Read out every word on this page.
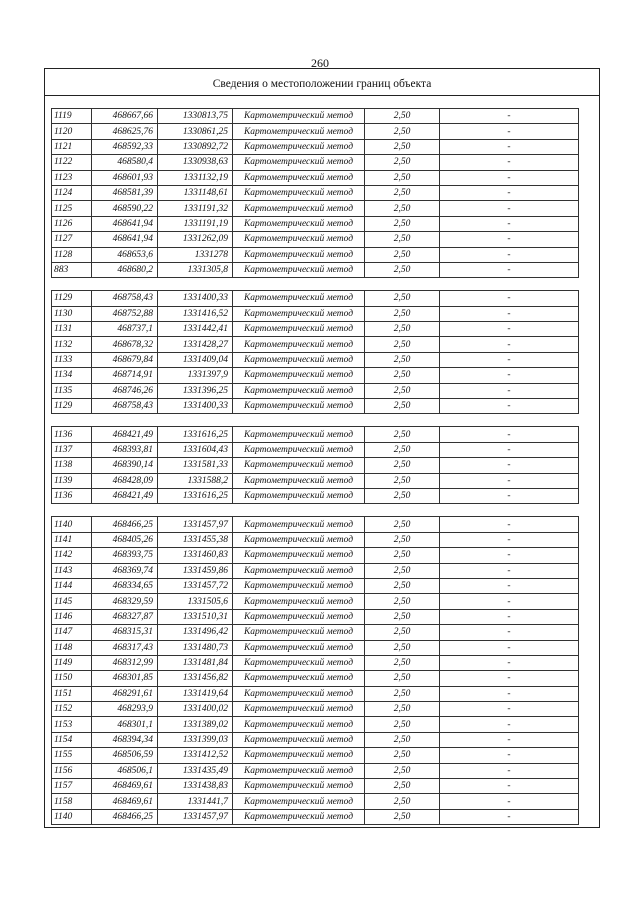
260
Сведения о местоположении границ объекта
1119	468667,66	1330813,75	Картометрический метод	2,50	-
1120	468625,76	1330861,25	Картометрический метод	2,50	-
1121	468592,33	1330892,72	Картометрический метод	2,50	-
1122	468580,4	1330938,63	Картометрический метод	2,50	-
1123	468601,93	1331132,19	Картометрический метод	2,50	-
1124	468581,39	1331148,61	Картометрический метод	2,50	-
1125	468590,22	1331191,32	Картометрический метод	2,50	-
1126	468641,94	1331191,19	Картометрический метод	2,50	-
1127	468641,94	1331262,09	Картометрический метод	2,50	-
1128	468653,6	1331278	Картометрический метод	2,50	-
883	468680,2	1331305,8	Картометрический метод	2,50	-
1129	468758,43	1331400,33	Картометрический метод	2,50	-
1130	468752,88	1331416,52	Картометрический метод	2,50	-
1131	468737,1	1331442,41	Картометрический метод	2,50	-
1132	468678,32	1331428,27	Картометрический метод	2,50	-
1133	468679,84	1331409,04	Картометрический метод	2,50	-
1134	468714,91	1331397,9	Картометрический метод	2,50	-
1135	468746,26	1331396,25	Картометрический метод	2,50	-
1129	468758,43	1331400,33	Картометрический метод	2,50	-
1136	468421,49	1331616,25	Картометрический метод	2,50	-
1137	468393,81	1331604,43	Картометрический метод	2,50	-
1138	468390,14	1331581,33	Картометрический метод	2,50	-
1139	468428,09	1331588,2	Картометрический метод	2,50	-
1136	468421,49	1331616,25	Картометрический метод	2,50	-
1140	468466,25	1331457,97	Картометрический метод	2,50	-
1141	468405,26	1331455,38	Картометрический метод	2,50	-
1142	468393,75	1331460,83	Картометрический метод	2,50	-
1143	468369,74	1331459,86	Картометрический метод	2,50	-
1144	468334,65	1331457,72	Картометрический метод	2,50	-
1145	468329,59	1331505,6	Картометрический метод	2,50	-
1146	468327,87	1331510,31	Картометрический метод	2,50	-
1147	468315,31	1331496,42	Картометрический метод	2,50	-
1148	468317,43	1331480,73	Картометрический метод	2,50	-
1149	468312,99	1331481,84	Картометрический метод	2,50	-
1150	468301,85	1331456,82	Картометрический метод	2,50	-
1151	468291,61	1331419,64	Картометрический метод	2,50	-
1152	468293,9	1331400,02	Картометрический метод	2,50	-
1153	468301,1	1331389,02	Картометрический метод	2,50	-
1154	468394,34	1331399,03	Картометрический метод	2,50	-
1155	468506,59	1331412,52	Картометрический метод	2,50	-
1156	468506,1	1331435,49	Картометрический метод	2,50	-
1157	468469,61	1331438,83	Картометрический метод	2,50	-
1158	468469,61	1331441,7	Картометрический метод	2,50	-
1140	468466,25	1331457,97	Картометрический метод	2,50	-
